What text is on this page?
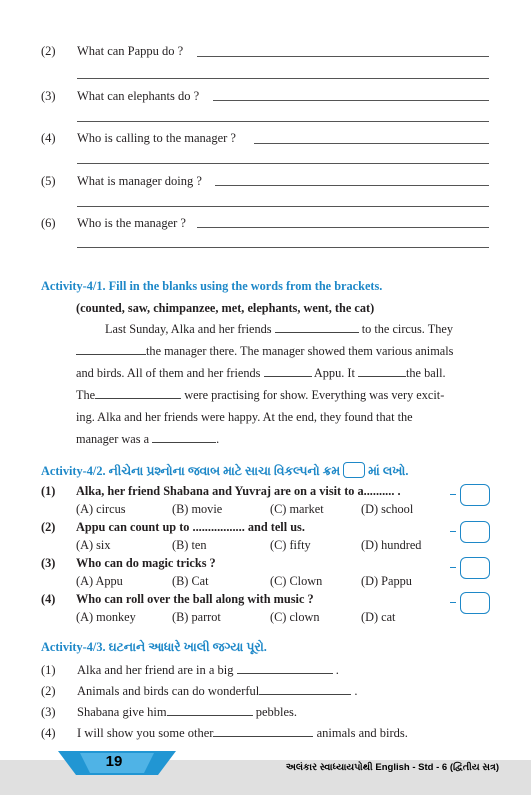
(2) What can Pappu do ?
(3) What can elephants do ?
(4) Who is calling to the manager ?
(5) What is manager doing ?
(6) Who is the manager ?
Activity-4/1. Fill in the blanks using the words from the brackets.
(counted, saw, chimpanzee, met, elephants, went, the cat)
Last Sunday, Alka and her friends	to the circus. They
the manager there. The manager showed them various animals
and birds. All of them and her friends	Appu. It	the ball.
The	were practising for show. Everything was very excit-
ing. Alka and her friends were happy. At the end, they found that the
manager was a	.
Activity-4/2. નીચેના પ્રશ્નોના જવાબ માટે સાચા વિકલ્પનો ક્રમ માં લખો.
(1) Alka, her friend Shabana and Yuvraj are on a visit to a.......... .
(A) circus	(B) movie	(C) market	(D) school
(2) Appu can count up to ................. and tell us.
(A) six	(B) ten	(C) fifty	(D) hundred
(3) Who can do magic tricks ?
(A) Appu	(B) Cat	(C) Clown	(D) Pappu
(4) Who can roll over the ball along with music ?
(A) monkey	(B) parrot	(C) clown	(D) cat
Activity-4/3. ઘટનાને આધારે ખાલી જગ્યા પૂરો.
(1) Alka and her friend are in a big	.
(2) Animals and birds can do wonderful	.
(3) Shabana give him	pebbles.
(4) I will show you some other	animals and birds.
19	અલંકાર સ્વાધ્યાયપોથી English - Std - 6 (દ્વિતીય સત્ર)
